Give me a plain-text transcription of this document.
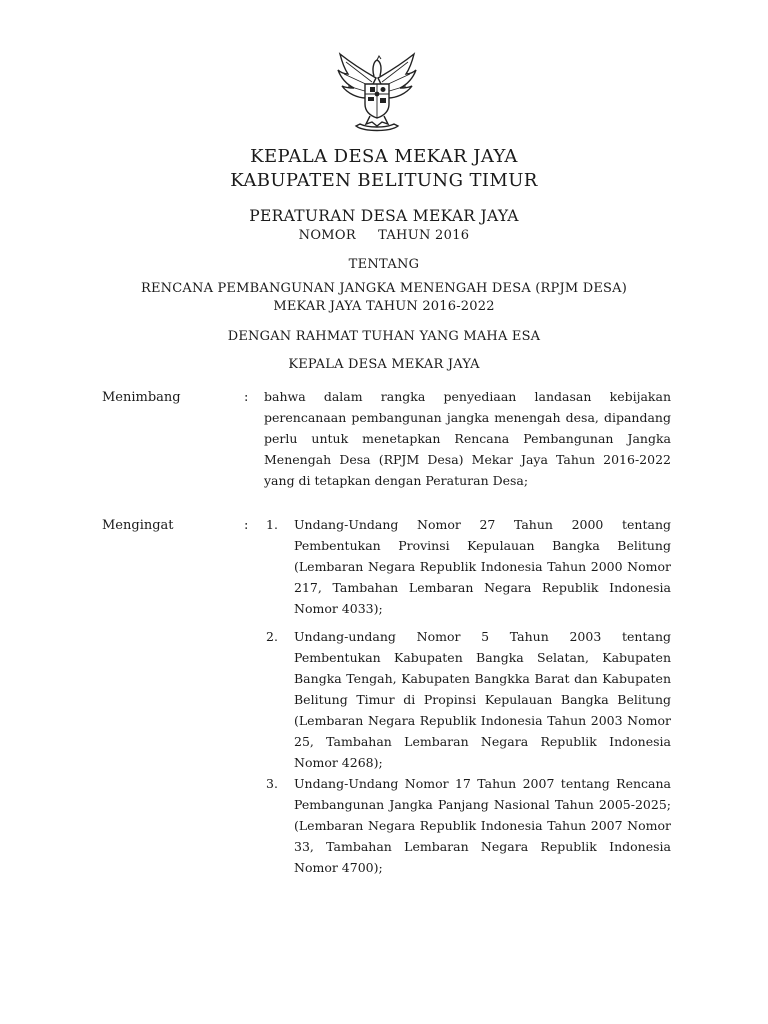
KEPALA DESA MEKAR JAYA
KABUPATEN BELITUNG TIMUR
PERATURAN DESA MEKAR JAYA
NOMOR     TAHUN 2016
TENTANG
RENCANA PEMBANGUNAN JANGKA MENENGAH DESA (RPJM DESA)
MEKAR JAYA TAHUN 2016-2022
DENGAN RAHMAT TUHAN YANG MAHA ESA
KEPALA DESA MEKAR JAYA
Menimbang	: bahwa dalam rangka penyediaan landasan kebijakan perencanaan pembangunan jangka menengah desa, dipandang perlu untuk menetapkan Rencana Pembangunan Jangka Menengah Desa (RPJM Desa) Mekar Jaya Tahun 2016-2022 yang di tetapkan dengan Peraturan Desa;

Mengingat	: 1. Undang-Undang Nomor 27 Tahun 2000 tentang Pembentukan Provinsi Kepulauan Bangka Belitung (Lembaran Negara Republik Indonesia Tahun 2000 Nomor 217, Tambahan Lembaran Negara Republik Indonesia Nomor 4033);

2. Undang-undang Nomor 5 Tahun 2003 tentang Pembentukan Kabupaten Bangka Selatan, Kabupaten Bangka Tengah, Kabupaten Bangkka Barat dan Kabupaten Belitung Timur di Propinsi Kepulauan Bangka Belitung (Lembaran Negara Republik Indonesia Tahun 2003 Nomor 25, Tambahan Lembaran Negara Republik Indonesia Nomor 4268);

3. Undang-Undang Nomor 17 Tahun 2007 tentang Rencana Pembangunan Jangka Panjang Nasional Tahun 2005-2025; (Lembaran Negara Republik Indonesia Tahun 2007 Nomor 33, Tambahan Lembaran Negara Republik Indonesia Nomor 4700);
